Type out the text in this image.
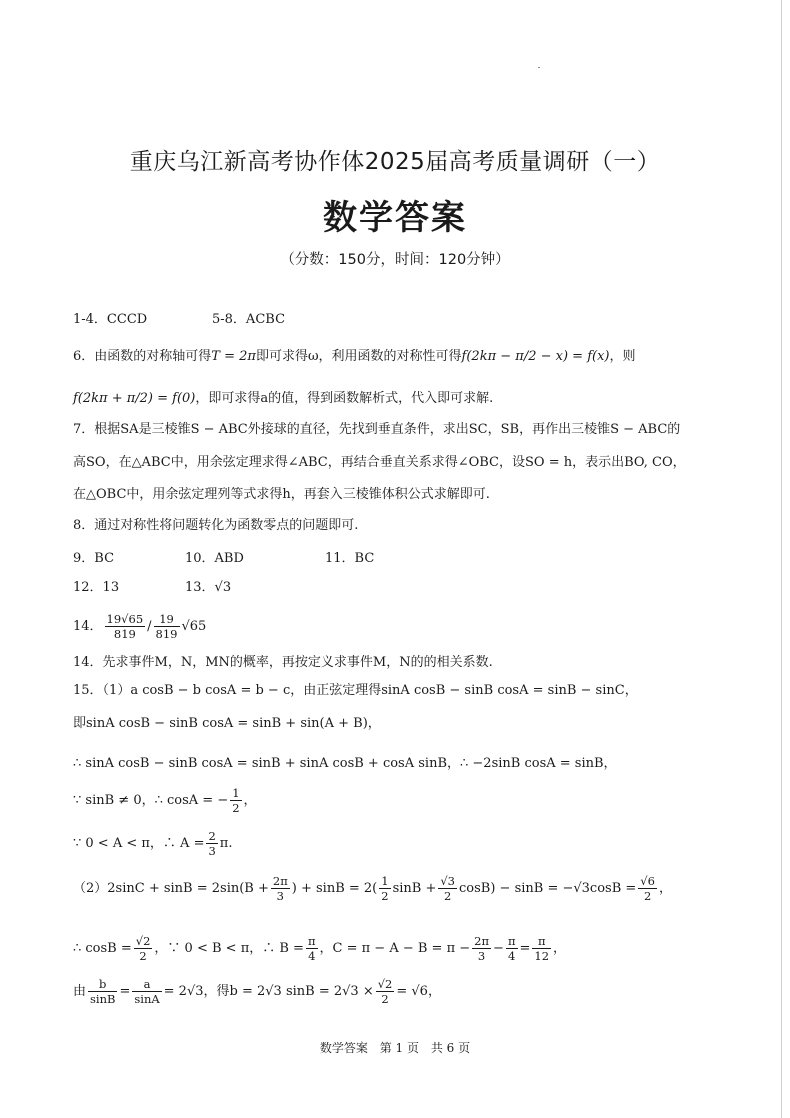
重庆乌江新高考协作体2025届高考质量调研（一）
数学答案
（分数：150分，时间：120分钟）
1-4．CCCD	5-8．ACBC
6．由函数的对称轴可得T = 2π即可求得ω，利用函数的对称性可得f(2kπ − π/2 − x) = f(x)，则
f(2kπ + π/2) = f(0)，即可求得a的值，得到函数解析式，代入即可求解.
7．根据SA是三棱锥S − ABC外接球的直径，先找到垂直条件，求出SC，SB，再作出三棱锥S − ABC的
高SO，在△ABC中，用余弦定理求得∠ABC，再结合垂直关系求得∠OBC，设SO = h，表示出BO, CO，
在△OBC中，用余弦定理列等式求得h，再套入三棱锥体积公式求解即可.
8．通过对称性将问题转化为函数零点的问题即可.
9．BC	10．ABD	11．BC
12．13	13．√3
14． $\frac{19√65}{819} / \frac{19}{819} √65$
14．先求事件M，N，MN的概率，再按定义求事件M，N的的相关系数.
15．（1）a cosB − b cosA = b − c，由正弦定理得sinA cosB − sinB cosA = sinB − sinC，
即sinA cosB − sinB cosA = sinB + sin(A + B)，
∴ sinA cosB − sinB cosA = sinB + sinA cosB + cosA sinB，∴ −2sinB cosA = sinB，
∵ sinB ≠ 0，∴ cosA = − $\frac{1}{2}$ ，
∵ 0 < A < π，∴ $A = \frac{2}{3} \pi$.
$(2)2\sin C + \sin B = 2\sin(B + \frac{2\pi}{3}$ ) + $\sin B = 2( \frac{1}{2}$ $\sin B + \frac{√3}{2} \cos B) - \sin B = -√3\cos B = \frac{√6}{2}$ ，
∴ $\cos B = \frac{√2}{2}$ ，∵ 0 < B < π，∴ $B = \frac{\pi}{4}$ ，$C = \pi - A - B = \pi - \frac{2\pi}{3} - \frac{\pi}{4} = \frac{\pi}{12}$ ，
由 $\frac{b}{\sin B} = \frac{a}{\sin A} = 2√3$，得b = 2√3 $\sin B = 2√3 \times \frac{√2}{2} = √6$，
数学答案 第 1 页 共 6 页
